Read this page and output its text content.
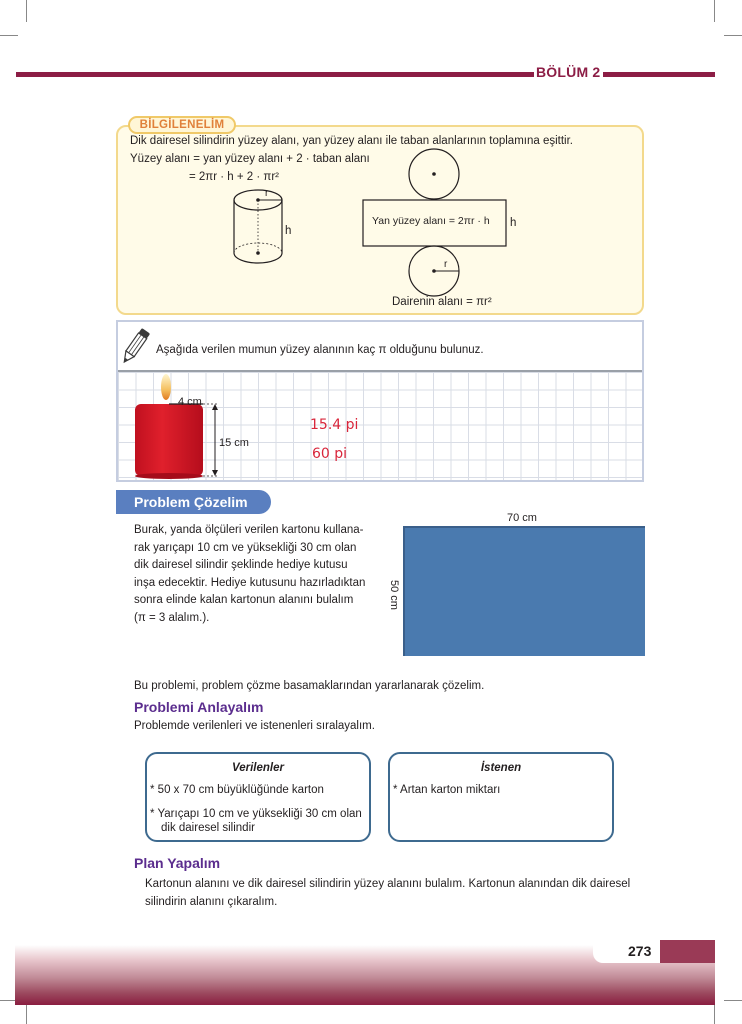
BÖLÜM 2
BİLGİLENELİM
Dik dairesel silindirin yüzey alanı, yan yüzey alanı ile taban alanlarının toplamına eşittir.
Yüzey alanı = yan yüzey alanı + 2 · taban alanı
= 2πr · h + 2 · πr²
r
h
Yan yüzey alanı = 2πr · h h
r
Dairenin alanı = πr²
Aşağıda verilen mumun yüzey alanının kaç π olduğunu bulunuz.
4 cm
15 cm
15.4 pi
60 pi
Problem Çözelim
Burak, yanda ölçüleri verilen kartonu kullana-
rak yarıçapı 10 cm ve yüksekliği 30 cm olan
dik dairesel silindir şeklinde hediye kutusu
inşa edecektir. Hediye kutusunu hazırladıktan
sonra elinde kalan kartonun alanını bulalım
(π = 3 alalım.).
70 cm
50 cm
Bu problemi, problem çözme basamaklarından yararlanarak çözelim.
Problemi Anlayalım
Problemde verilenleri ve istenenleri sıralayalım.
Verilenler
* 50 x 70 cm büyüklüğünde karton
* Yarıçapı 10 cm ve yüksekliği 30 cm olan
dik dairesel silindir
İstenen
* Artan karton miktarı
Plan Yapalım
Kartonun alanını ve dik dairesel silindirin yüzey alanını bulalım. Kartonun alanından dik dairesel
silindirin alanını çıkaralım.
273
